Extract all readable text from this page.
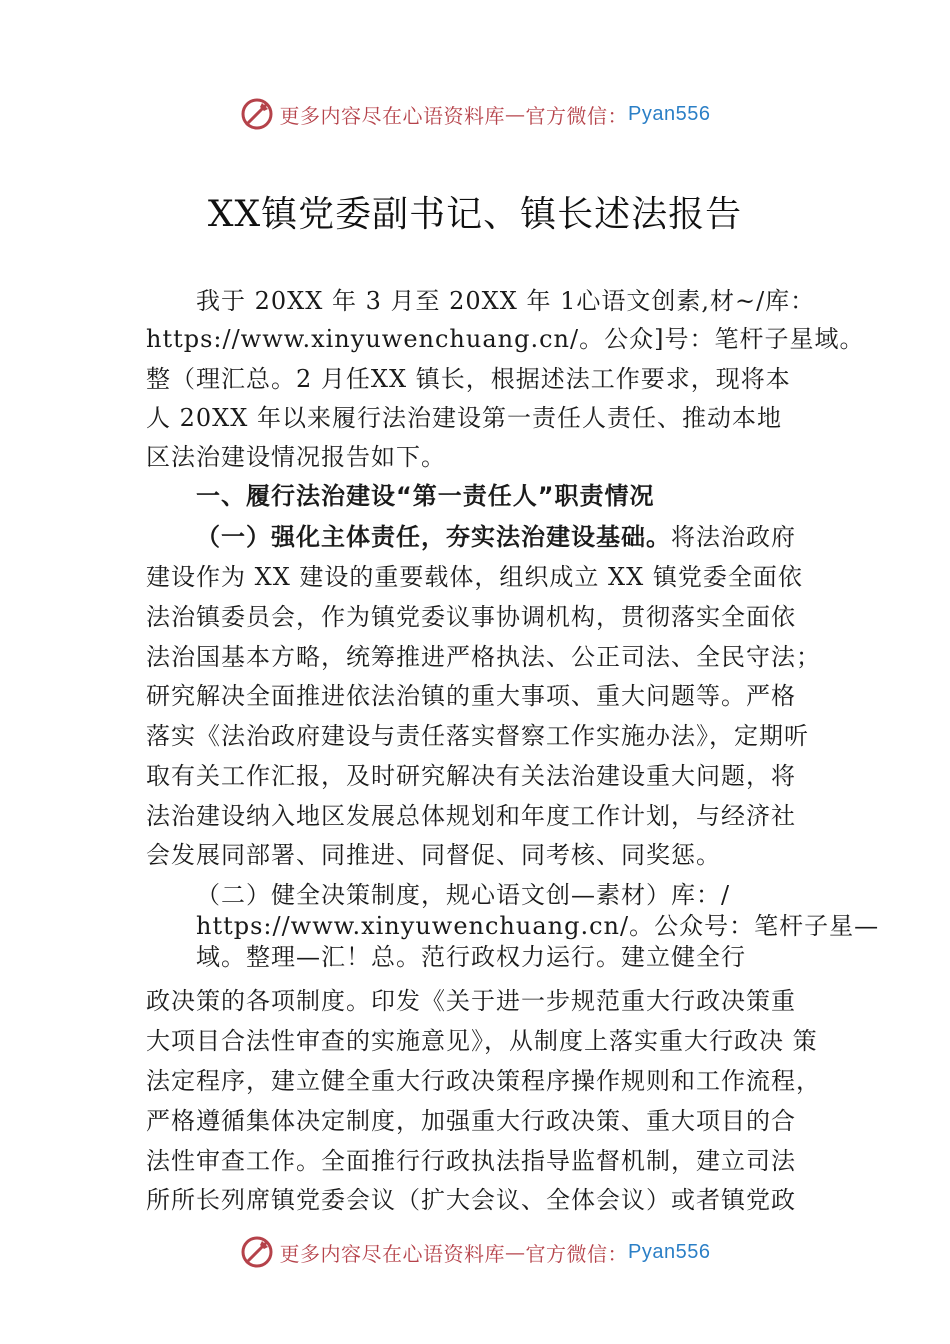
更多内容尽在心语资料库 — 官方微信： Pyan556
XX镇党委副书记、镇长述法报告
我于 20XX 年 3 月至 20XX 年 1心语文创素,材~/库：
https://www.xinyuwenchuang.cn/。公众]号：笔杆子星域。
整（理汇总。2 月任XX 镇长，根据述法工作要求，现将本
人 20XX 年以来履行法治建设第一责任人责任、推动本地
区法治建设情况报告如下。
一、履行法治建设“第一责任人”职责情况
（一）强化主体责任，夯实法治建设基础。将法治政府
建设作为 XX 建设的重要载体，组织成立 XX 镇党委全面依
法治镇委员会，作为镇党委议事协调机构，贯彻落实全面依
法治国基本方略，统筹推进严格执法、公正司法、全民守法；
研究解决全面推进依法治镇的重大事项、重大问题等。严格
落实《法治政府建设与责任落实督察工作实施办法》，定期听
取有关工作汇报，及时研究解决有关法治建设重大问题，将
法治建设纳入地区发展总体规划和年度工作计划，与经济社
会发展同部署、同推进、同督促、同考核、同奖惩。
（二）健全决策制度，规心语文创—素材）库：/
https://www.xinyuwenchuang.cn/。公众号：笔杆子星—
域。整理—汇！总。范行政权力运行。建立健全行
政决策的各项制度。印发《关于进一步规范重大行政决策重
大项目合法性审查的实施意见》，从制度上落实重大行政决 策
法定程序，建立健全重大行政决策程序操作规则和工作流程，
严格遵循集体决定制度，加强重大行政决策、重大项目的合
法性审查工作。全面推行行政执法指导监督机制，建立司法
所所长列席镇党委会议（扩大会议、全体会议）或者镇党政
更多内容尽在心语资料库 — 官方微信： Pyan556
